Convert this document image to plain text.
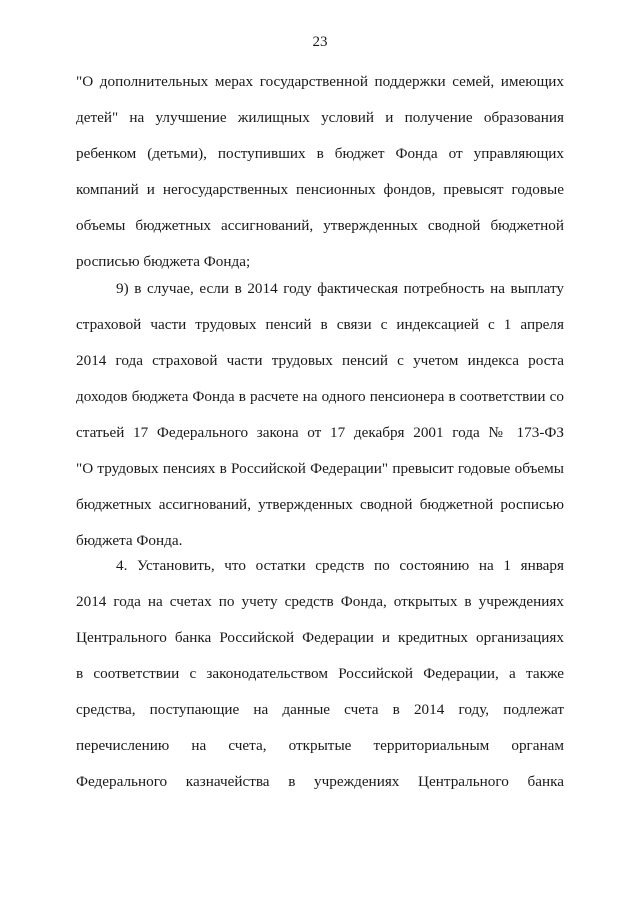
23
"О дополнительных мерах государственной поддержки семей, имеющих
детей" на улучшение жилищных условий и получение образования
ребенком (детьми), поступивших в бюджет Фонда от управляющих
компаний и негосударственных пенсионных фондов, превысят годовые
объемы бюджетных ассигнований, утвержденных сводной бюджетной
росписью бюджета Фонда;
9) в случае, если в 2014 году фактическая потребность на выплату
страховой части трудовых пенсий в связи с индексацией с 1 апреля
2014 года страховой части трудовых пенсий с учетом индекса роста
доходов бюджета Фонда в расчете на одного пенсионера в соответствии со
статьей 17 Федерального закона от 17 декабря 2001 года № 173-ФЗ
"О трудовых пенсиях в Российской Федерации" превысит годовые объемы
бюджетных ассигнований, утвержденных сводной бюджетной росписью
бюджета Фонда.
4. Установить, что остатки средств по состоянию на 1 января
2014 года на счетах по учету средств Фонда, открытых в учреждениях
Центрального банка Российской Федерации и кредитных организациях
в соответствии с законодательством Российской Федерации, а также
средства, поступающие на данные счета в 2014 году, подлежат
перечислению на счета, открытые территориальным органам
Федерального казначейства в учреждениях Центрального банка
